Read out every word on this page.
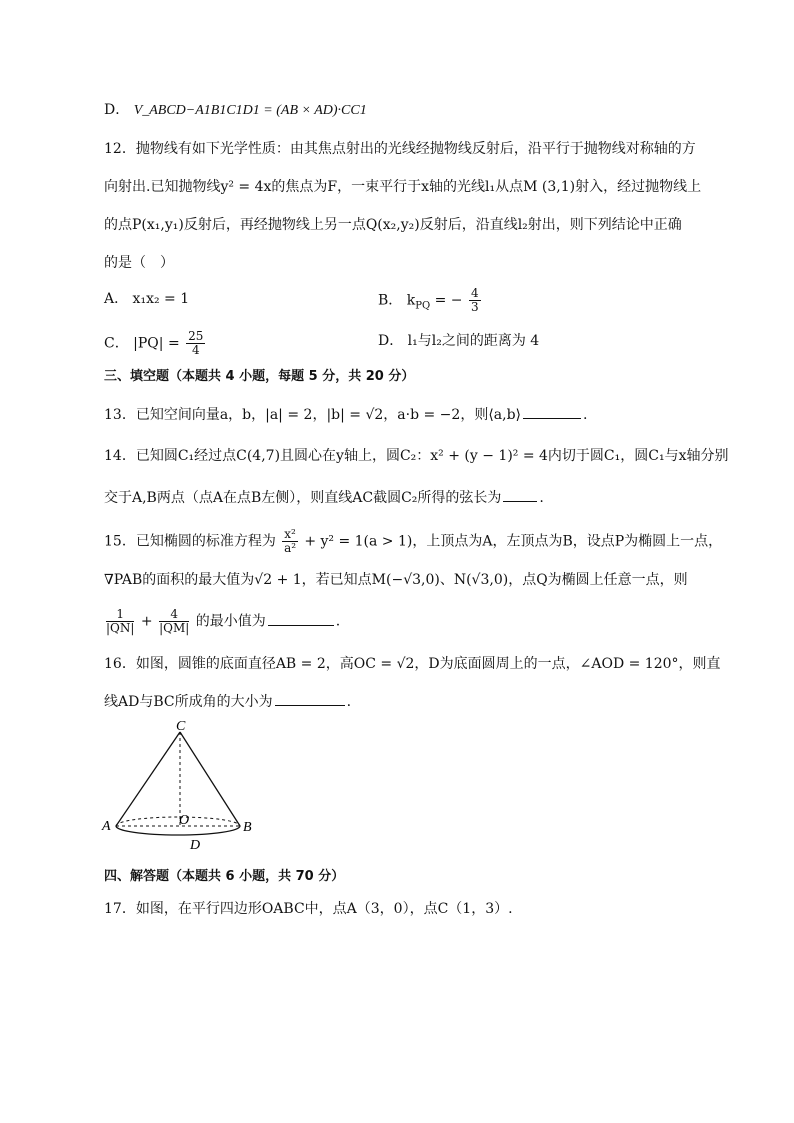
D． V_ABCD−A1B1C1D1 = (AB × AD)·CC1
12．抛物线有如下光学性质：由其焦点射出的光线经抛物线反射后，沿平行于抛物线对称轴的方
向射出.已知抛物线y² = 4x的焦点为F，一束平行于x轴的光线l₁从点M (3,1)射入，经过抛物线上
的点P(x₁,y₁)反射后，再经抛物线上另一点Q(x₂,y₂)反射后，沿直线l₂射出，则下列结论中正确
的是（　）
A． x₁x₂ = 1	B． $k_{PQ}$ = − $\frac{4}{3}$
C． $|PQ| = \frac{25}{4}$	D． l₁与l₂之间的距离为 4
三、填空题（本题共 4 小题，每题 5 分，共 20 分）
13．已知空间向量a，b，|a| = 2，|b| = √2，a·b = −2，则⟨a,b⟩	.
14．已知圆C₁经过点C(4,7)且圆心在y轴上，圆C₂：x² + (y − 1)² = 4内切于圆C₁，圆C₁与x轴分别
交于A,B两点（点A在点B左侧），则直线AC截圆C₂所得的弦长为	.
15．已知椭圆的标准方程为 $\frac{\text{x²}}{\text{a²}} + y^2 = 1(a > 1)$，上顶点为A，左顶点为B，设点P为椭圆上一点，
∇PAB的面积的最大值为√2 + 1，若已知点M(−√3,0)、N(√3,0)，点Q为椭圆上任意一点，则
$\frac{1}{|QN|} + \frac{4}{|QM|}$ 的最小值为	.
16．如图，圆锥的底面直径AB = 2，高OC = √2，D为底面圆周上的一点，∠AOD = 120°，则直
线AD与BC所成角的大小为	.
C
A	O	B
D
四、解答题（本题共 6 小题，共 70 分）
17．如图，在平行四边形OABC中，点A（3，0），点C（1，3）.
